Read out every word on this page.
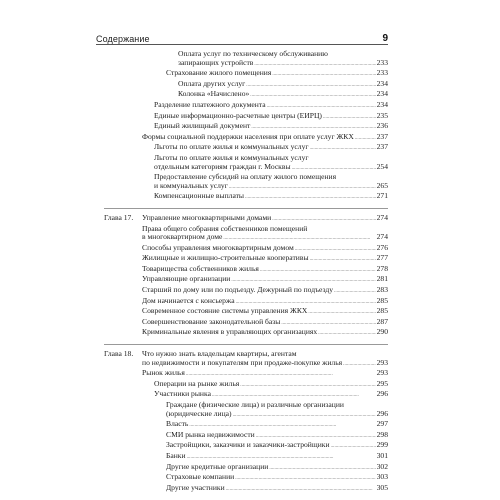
Содержание	9
Оплата услуг по техническому обслуживанию
запирающих устройств . . .	233
Страхование жилого помещения . . .	233
Оплата других услуг . . .	234
Колонка «Начислено» . . .	234
Разделение платежного документа . . .	234
Единые информационно-расчетные центры (ЕИРЦ) . . .	235
Единый жилищный документ . . .	236
Формы социальной поддержки населения при оплате услуг ЖКХ . . .	237
Льготы по оплате жилья и коммунальных услуг . . .	237
Льготы по оплате жилья и коммунальных услуг
отдельным категориям граждан г. Москвы . . .	254
Предоставление субсидий на оплату жилого помещения
и коммунальных услуг . . .	265
Компенсационные выплаты . . .	271
Глава 17.	Управление многоквартирными домами . . .	274
Права общего собрания собственников помещений
в многоквартирном доме . . .	274
Способы управления многоквартирным домом . . .	276
Жилищные и жилищно-строительные кооперативы . . .	277
Товарищества собственников жилья . . .	278
Управляющие организации . . .	281
Старший по дому или по подъезду. Дежурный по подъезду . . .	283
Дом начинается с консьержа . . .	285
Современное состояние системы управления ЖКХ . . .	285
Совершенствование законодательной базы . . .	287
Криминальные явления в управляющих организациях . . .	290
Глава 18. Что нужно знать владельцам квартиры, агентам
по недвижимости и покупателям при продаже-покупке жилья . . .	293
Рынок жилья . . .	293
Операции на рынке жилья . . .	295
Участники рынка . . .	296
Граждане (физические лица) и различные организации
(юридические лица) . . .	296
Власть . . .	297
СМИ рынка недвижимости . . .	298
Застройщики, заказчики и заказчики-застройщики . . .	299
Банки . . .	301
Другие кредитные организации . . .	302
Страховые компании . . .	303
Другие участники . . .	305
